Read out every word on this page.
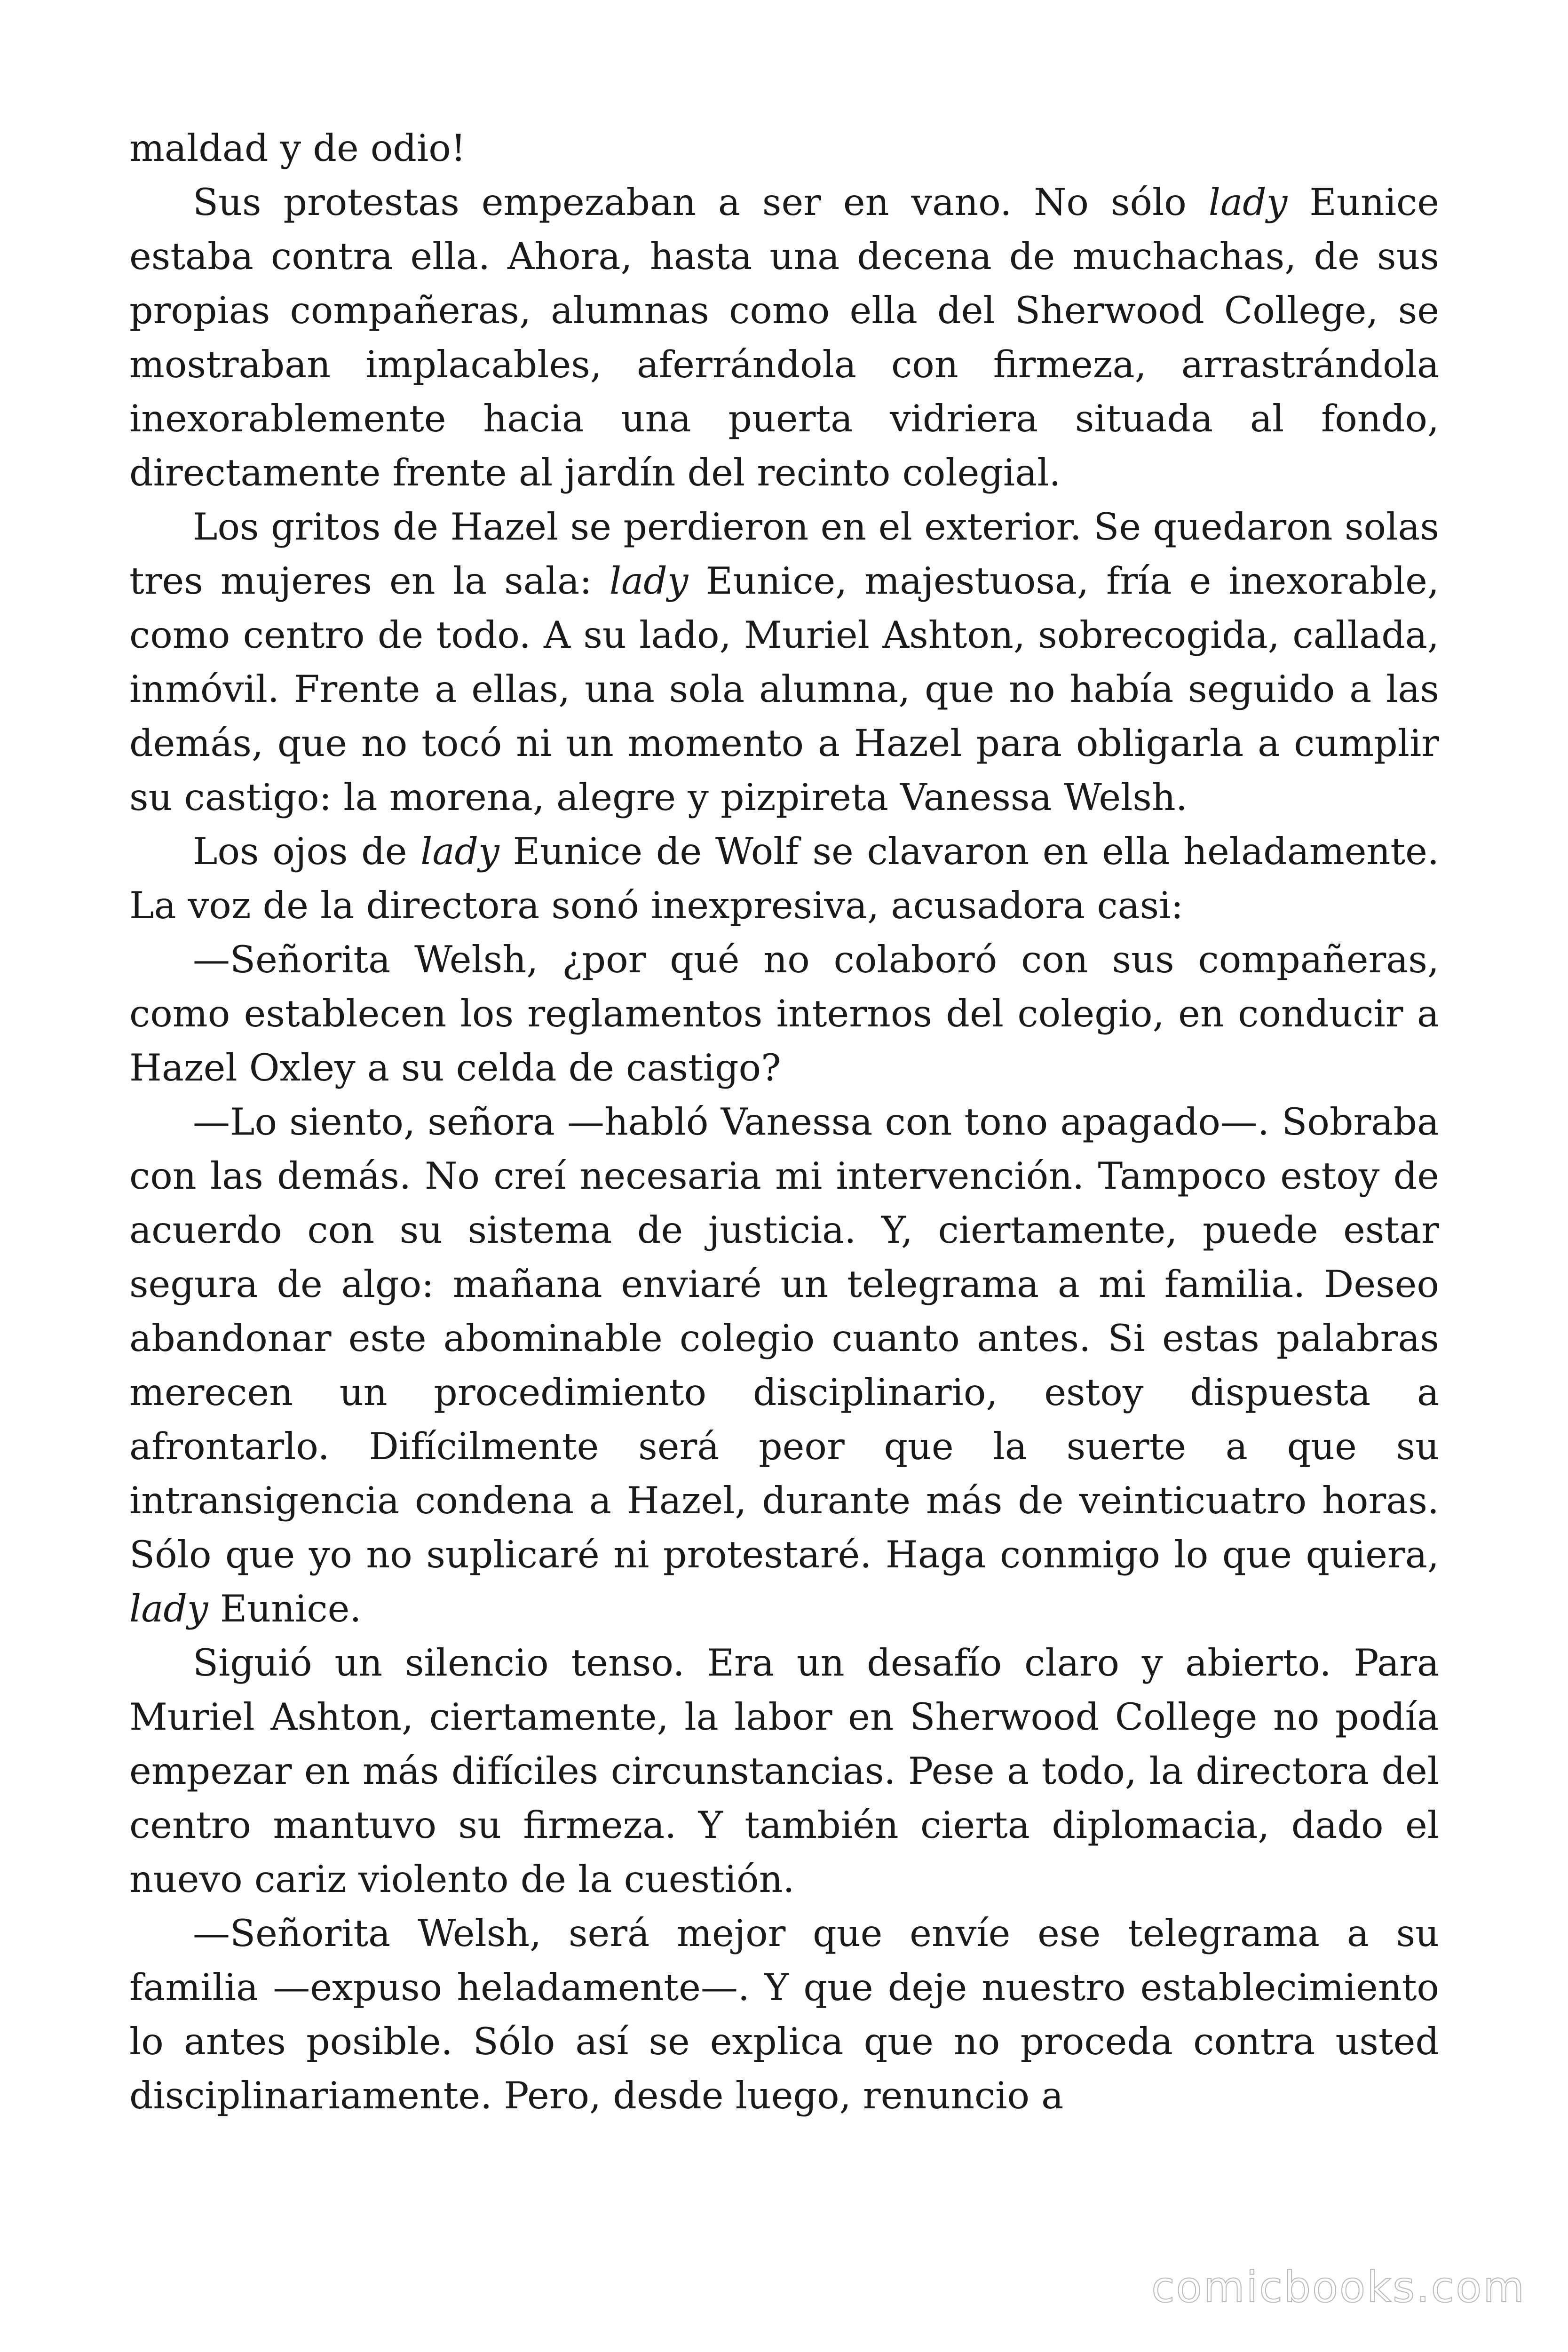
maldad y de odio!

Sus protestas empezaban a ser en vano. No sólo lady Eunice estaba contra ella. Ahora, hasta una decena de muchachas, de sus propias compañeras, alumnas como ella del Sherwood College, se mostraban implacables, aferrándola con firmeza, arrastrándola inexorablemente hacia una puerta vidriera situada al fondo, directamente frente al jardín del recinto colegial.

Los gritos de Hazel se perdieron en el exterior. Se quedaron solas tres mujeres en la sala: lady Eunice, majestuosa, fría e inexorable, como centro de todo. A su lado, Muriel Ashton, sobrecogida, callada, inmóvil. Frente a ellas, una sola alumna, que no había seguido a las demás, que no tocó ni un momento a Hazel para obligarla a cumplir su castigo: la morena, alegre y pizpireta Vanessa Welsh.

Los ojos de lady Eunice de Wolf se clavaron en ella heladamente. La voz de la directora sonó inexpresiva, acusadora casi:

—Señorita Welsh, ¿por qué no colaboró con sus compañeras, como establecen los reglamentos internos del colegio, en conducir a Hazel Oxley a su celda de castigo?

—Lo siento, señora —habló Vanessa con tono apagado—. Sobraba con las demás. No creí necesaria mi intervención. Tampoco estoy de acuerdo con su sistema de justicia. Y, ciertamente, puede estar segura de algo: mañana enviaré un telegrama a mi familia. Deseo abandonar este abominable colegio cuanto antes. Si estas palabras merecen un procedimiento disciplinario, estoy dispuesta a afrontarlo. Difícilmente será peor que la suerte a que su intransigencia condena a Hazel, durante más de veinticuatro horas. Sólo que yo no suplicaré ni protestaré. Haga conmigo lo que quiera, lady Eunice.

Siguió un silencio tenso. Era un desafío claro y abierto. Para Muriel Ashton, ciertamente, la labor en Sherwood College no podía empezar en más difíciles circunstancias. Pese a todo, la directora del centro mantuvo su firmeza. Y también cierta diplomacia, dado el nuevo cariz violento de la cuestión.

—Señorita Welsh, será mejor que envíe ese telegrama a su familia —expuso heladamente—. Y que deje nuestro establecimiento lo antes posible. Sólo así se explica que no proceda contra usted disciplinariamente. Pero, desde luego, renuncio a

comicbooks.com
